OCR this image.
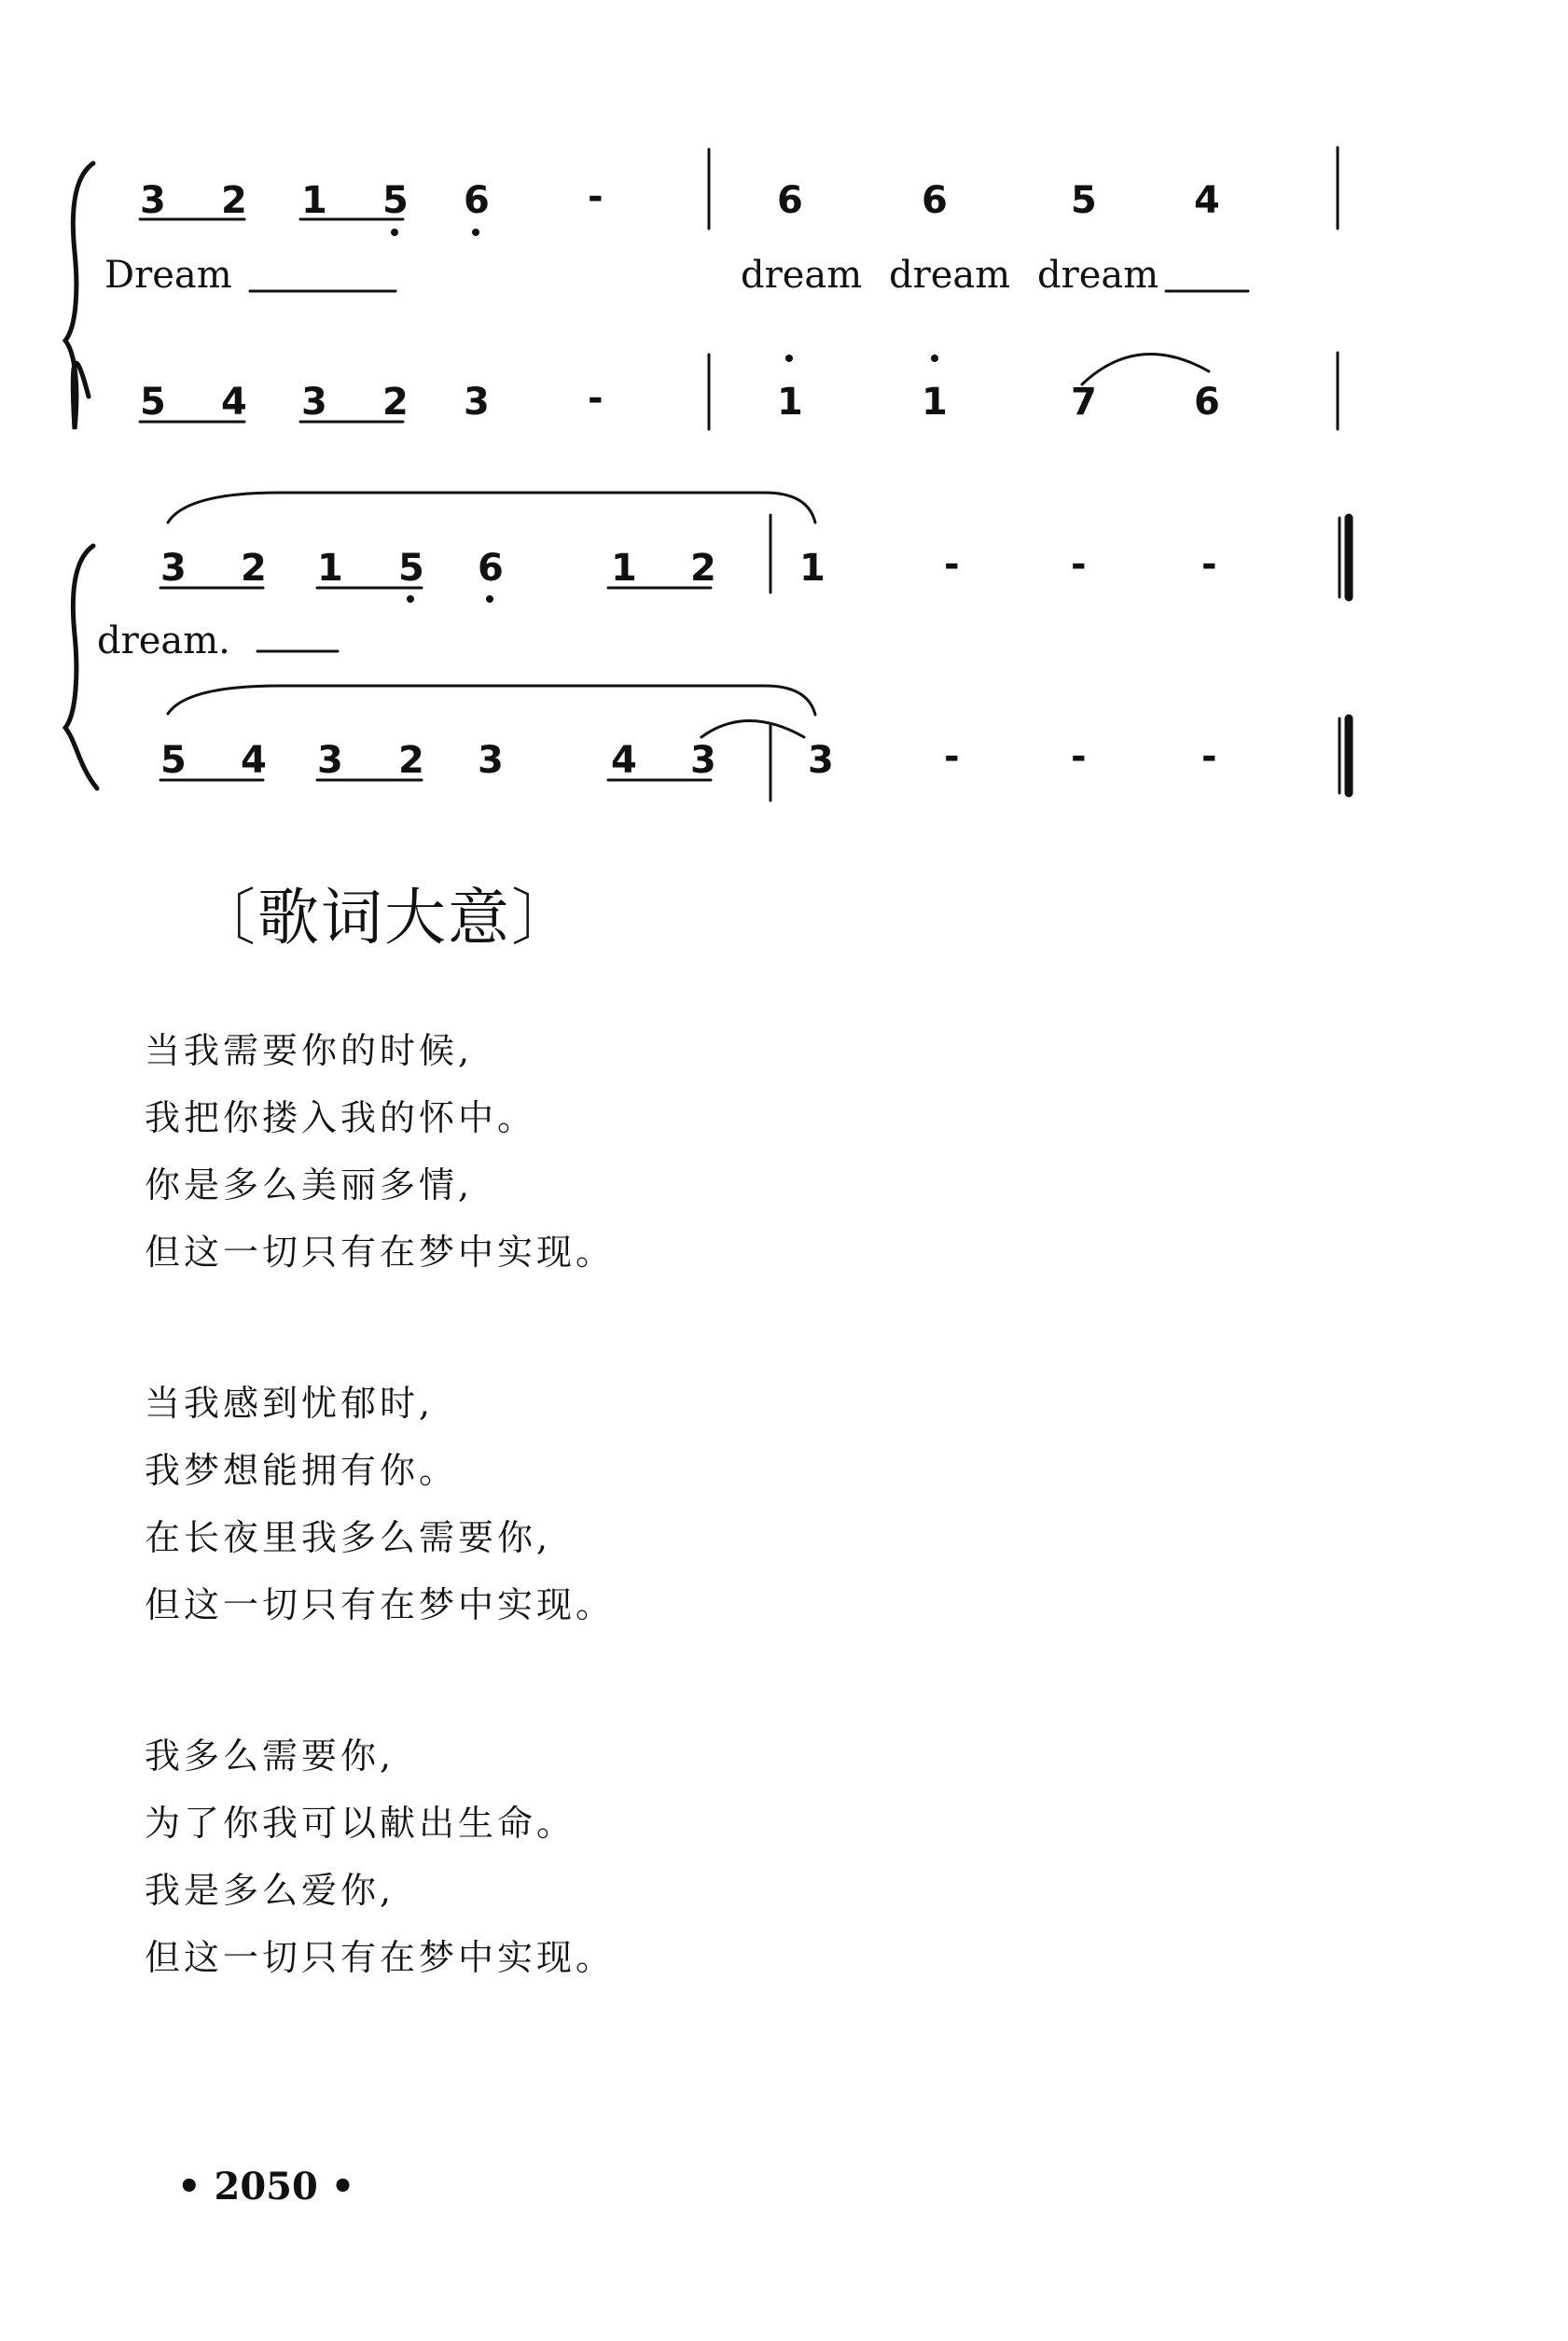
3 2 1 5 6	-	6	6	5	4
Dream	dream dream dream
5 4 3 2 3	-	1	1	7	6
3 2 1 5 6	1 2 1	-	-	-
dream.
5 4 3 2 3	4 3 3	-	-	-
〔歌词大意〕
当我需要你的时候,
我把你搂入我的怀中。
你是多么美丽多情,
但这一切只有在梦中实现。
当我感到忧郁时,
我梦想能拥有你。
在长夜里我多么需要你,
但这一切只有在梦中实现。
我多么需要你,
为了你我可以献出生命。
我是多么爱你,
但这一切只有在梦中实现。
• 2050 •
